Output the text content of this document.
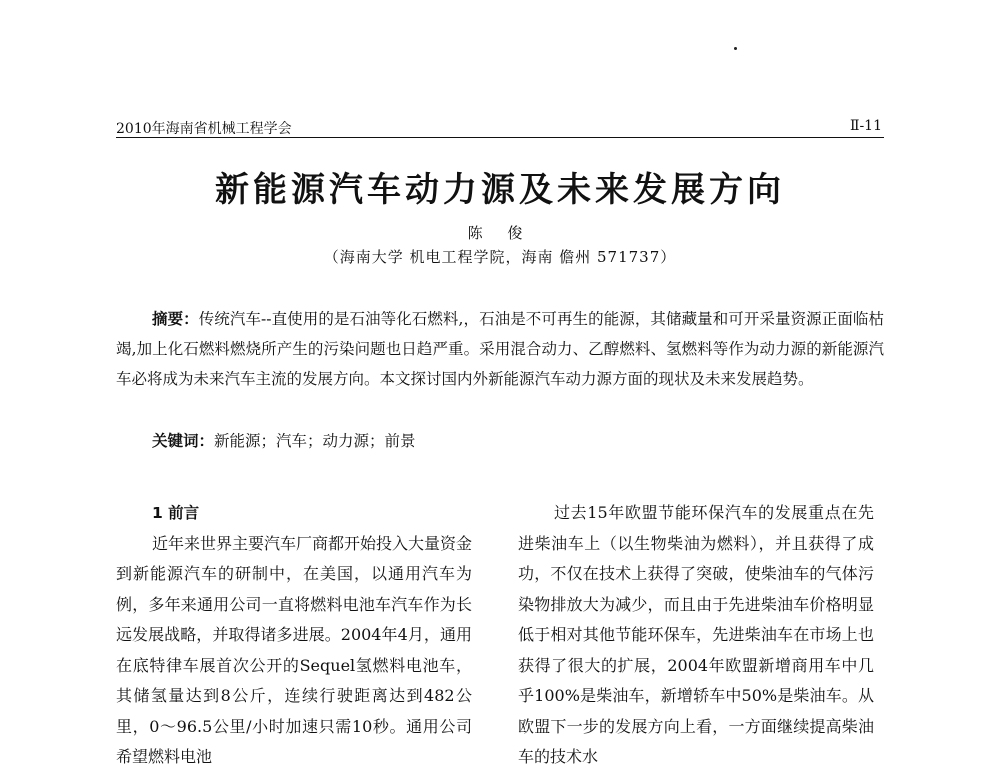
2010年海南省机械工程学会	Ⅱ-11
新能源汽车动力源及未来发展方向
陈 俊
（海南大学 机电工程学院，海南 儋州 571737）

摘要：传统汽车--直使用的是石油等化石燃料,，石油是不可再生的能源，其储藏量和可开采量资源正面临枯竭,加上化石燃料燃烧所产生的污染问题也日趋严重。采用混合动力、乙醇燃料、氢燃料等作为动力源的新能源汽车必将成为未来汽车主流的发展方向。本文探讨国内外新能源汽车动力源方面的现状及未来发展趋势。

关键词：新能源；汽车；动力源；前景

1 前言

近年来世界主要汽车厂商都开始投入大量资金到新能源汽车的研制中，在美国，以通用汽车为例，多年来通用公司一直将燃料电池车汽车作为长远发展战略，并取得诸多进展。2004年4月，通用在底特律车展首次公开的Sequel氢燃料电池车，其储氢量达到8公斤，连续行驶距离达到482公里，0～96.5公里/小时加速只需10秒。通用公司希望燃料电池

过去15年欧盟节能环保汽车的发展重点在先进柴油车上（以生物柴油为燃料），并且获得了成功，不仅在技术上获得了突破，使柴油车的气体污染物排放大为减少，而且由于先进柴油车价格明显低于相对其他节能环保车，先进柴油车在市场上也获得了很大的扩展，2004年欧盟新增商用车中几乎100%是柴油车，新增轿车中50%是柴油车。从欧盟下一步的发展方向上看，一方面继续提高柴油车的技术水
